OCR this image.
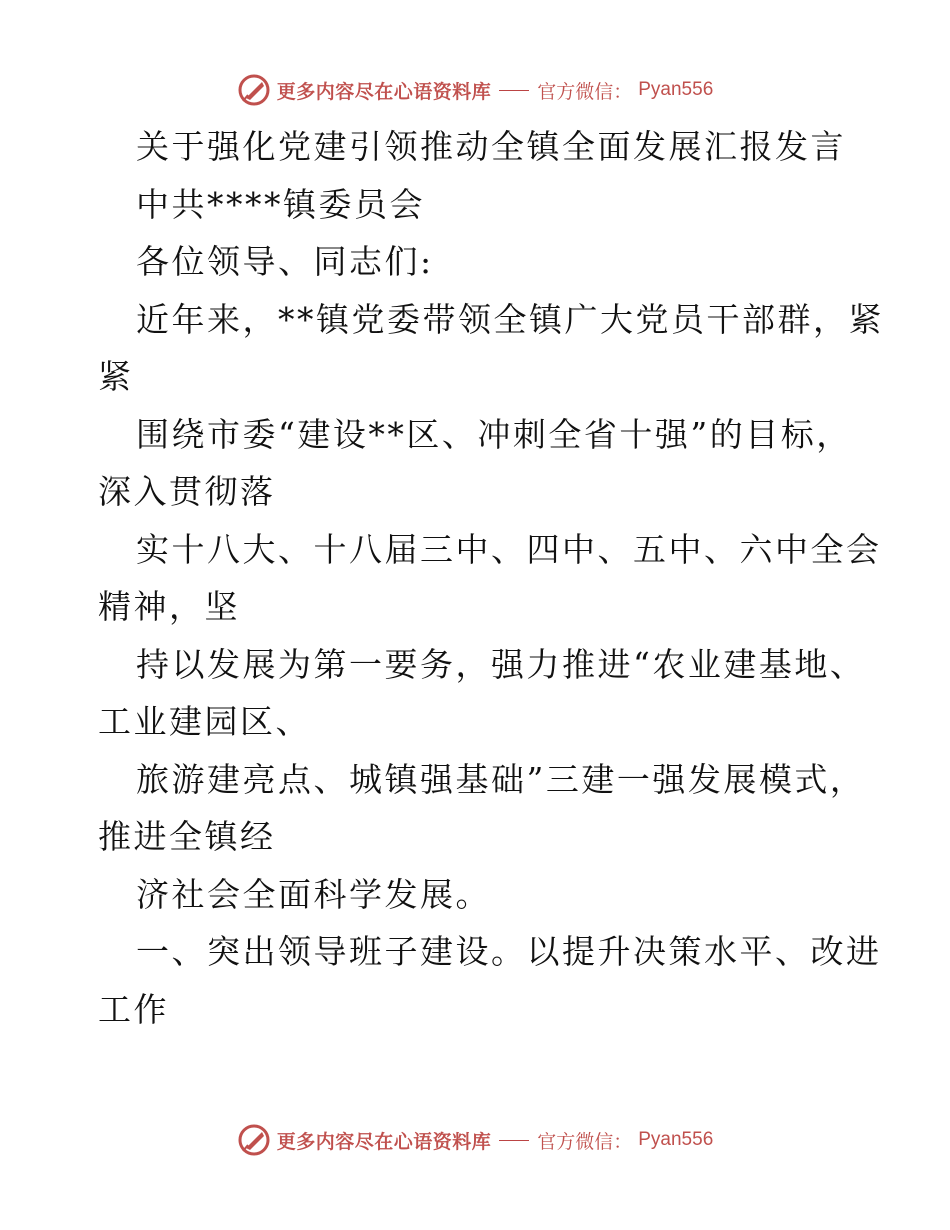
更多内容尽在心语资料库 官方微信： Pyan556
关于强化党建引领推动全镇全面发展汇报发言
中共****镇委员会
各位领导、同志们:
近年来，**镇党委带领全镇广大党员干部群，紧
紧
围绕市委“建设**区、冲刺全省十强”的目标，
深入贯彻落
实十八大、十八届三中、四中、五中、六中全会
精神，坚
持以发展为第一要务，强力推进“农业建基地、
工业建园区、
旅游建亮点、城镇强基础”三建一强发展模式，
推进全镇经
济社会全面科学发展。
一、突出领导班子建设。以提升决策水平、改进
工作
更多内容尽在心语资料库 官方微信： Pyan556
